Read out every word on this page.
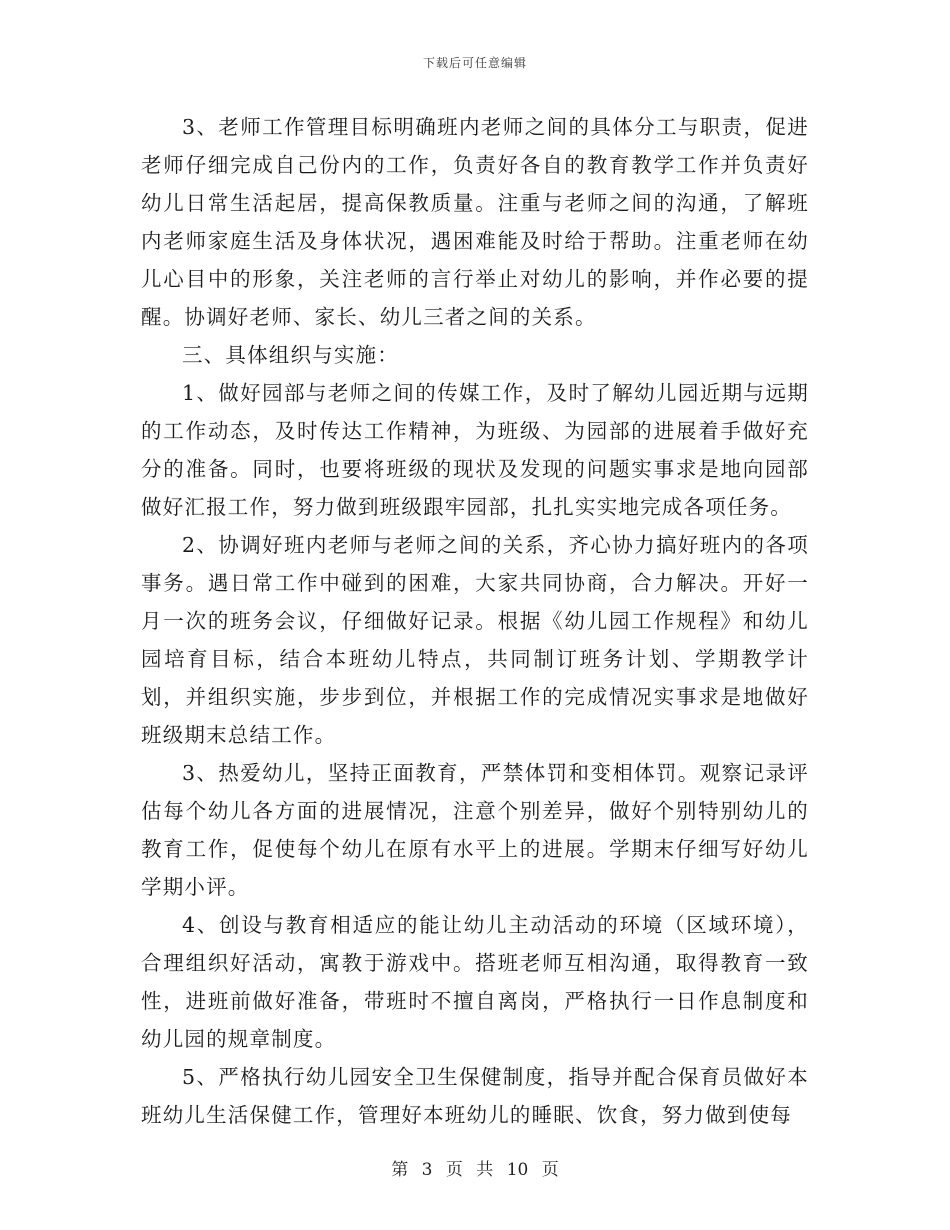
下载后可任意编辑

3、老师工作管理目标明确班内老师之间的具体分工与职责，促进老师仔细完成自己份内的工作，负责好各自的教育教学工作并负责好幼儿日常生活起居，提高保教质量。注重与老师之间的沟通，了解班内老师家庭生活及身体状况，遇困难能及时给于帮助。注重老师在幼儿心目中的形象，关注老师的言行举止对幼儿的影响，并作必要的提醒。协调好老师、家长、幼儿三者之间的关系。

三、具体组织与实施：

1、做好园部与老师之间的传媒工作，及时了解幼儿园近期与远期的工作动态，及时传达工作精神，为班级、为园部的进展着手做好充分的准备。同时，也要将班级的现状及发现的问题实事求是地向园部做好汇报工作，努力做到班级跟牢园部，扎扎实实地完成各项任务。

2、协调好班内老师与老师之间的关系，齐心协力搞好班内的各项事务。遇日常工作中碰到的困难，大家共同协商，合力解决。开好一月一次的班务会议，仔细做好记录。根据《幼儿园工作规程》和幼儿园培育目标，结合本班幼儿特点，共同制订班务计划、学期教学计划，并组织实施，步步到位，并根据工作的完成情况实事求是地做好班级期末总结工作。

3、热爱幼儿，坚持正面教育，严禁体罚和变相体罚。观察记录评估每个幼儿各方面的进展情况，注意个别差异，做好个别特别幼儿的教育工作，促使每个幼儿在原有水平上的进展。学期末仔细写好幼儿学期小评。

4、创设与教育相适应的能让幼儿主动活动的环境（区域环境），合理组织好活动，寓教于游戏中。搭班老师互相沟通，取得教育一致性，进班前做好准备，带班时不擅自离岗，严格执行一日作息制度和幼儿园的规章制度。

5、严格执行幼儿园安全卫生保健制度，指导并配合保育员做好本班幼儿生活保健工作，管理好本班幼儿的睡眠、饮食，努力做到使每

第 3 页 共 10 页
